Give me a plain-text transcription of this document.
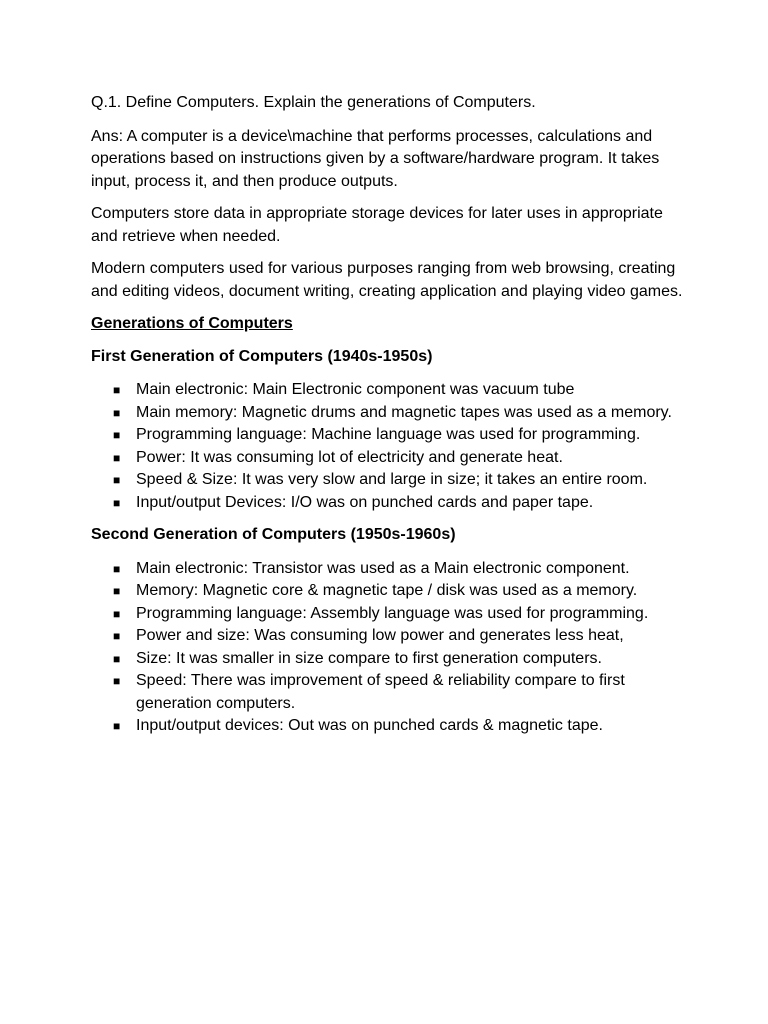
Q.1. Define Computers. Explain the generations of Computers.

Ans: A computer is a device\machine that performs processes, calculations and operations based on instructions given by a software/hardware program. It takes input, process it, and then produce outputs.

Computers store data in appropriate storage devices for later uses in appropriate and retrieve when needed.

Modern computers used for various purposes ranging from web browsing, creating and editing videos, document writing, creating application and playing video games.

Generations of Computers

First Generation of Computers (1940s-1950s)

■ Main electronic: Main Electronic component was vacuum tube
■ Main memory: Magnetic drums and magnetic tapes was used as a memory.
■ Programming language: Machine language was used for programming.
■ Power: It was consuming lot of electricity and generate heat.
■ Speed & Size: It was very slow and large in size; it takes an entire room.
■ Input/output Devices: I/O was on punched cards and paper tape.

Second Generation of Computers (1950s-1960s)

■ Main electronic: Transistor was used as a Main electronic component.
■ Memory: Magnetic core & magnetic tape / disk was used as a memory.
■ Programming language: Assembly language was used for programming.
■ Power and size: Was consuming low power and generates less heat,
■ Size: It was smaller in size compare to first generation computers.
■ Speed: There was improvement of speed & reliability compare to first generation computers.
■ Input/output devices: Out was on punched cards & magnetic tape.
